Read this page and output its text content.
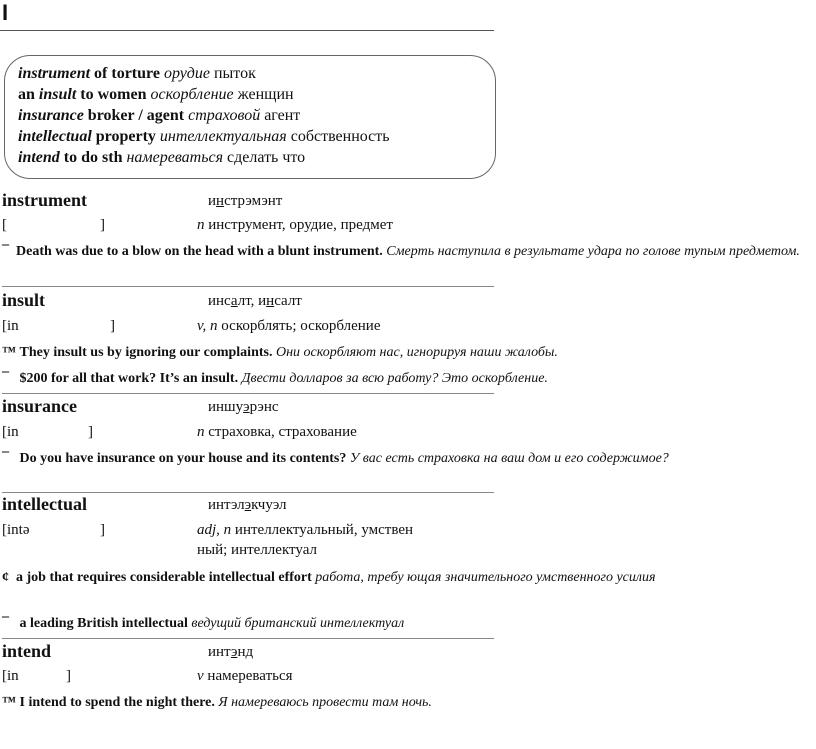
I
instrument of torture орудие пыток
an insult to women оскорбление женщин
insurance broker / agent страховой агент
intellectual property интеллектуальная собственность
intend to do sth намереваться сделать что
instrument	инстрэмэнт
[	]	n инструмент, орудие, предмет
¯ Death was due to a blow on the head with a blunt instrument. Смерть наступила в результате удара по голове тупым предметом.
insult	инсалт, инсалт
[in	]	v, n оскорблять; оскорбление
™ They insult us by ignoring our complaints. Они оскорбляют нас, игнорируя наши жалобы.
¯ $200 for all that work? It’s an insult. Двести долларов за всю работу? Это оскорбление.
insurance	иншуэрэнс
[in	]	n страховка, страхование
¯ Do you have insurance on your house and its contents? У вас есть страховка на ваш дом и его содержимое?
intellectual	интэлэкчуэл
[intə	]	adj, n интеллектуальный, умствен
ный; интеллектуал
¢ a job that requires considerable intellectual effort работа, требу ющая значительного умственного усилия
¯ a leading British intellectual ведущий британский интеллектуал
intend	интэнд
[in	]	v намереваться
™ I intend to spend the night there. Я намереваюсь провести там ночь.
